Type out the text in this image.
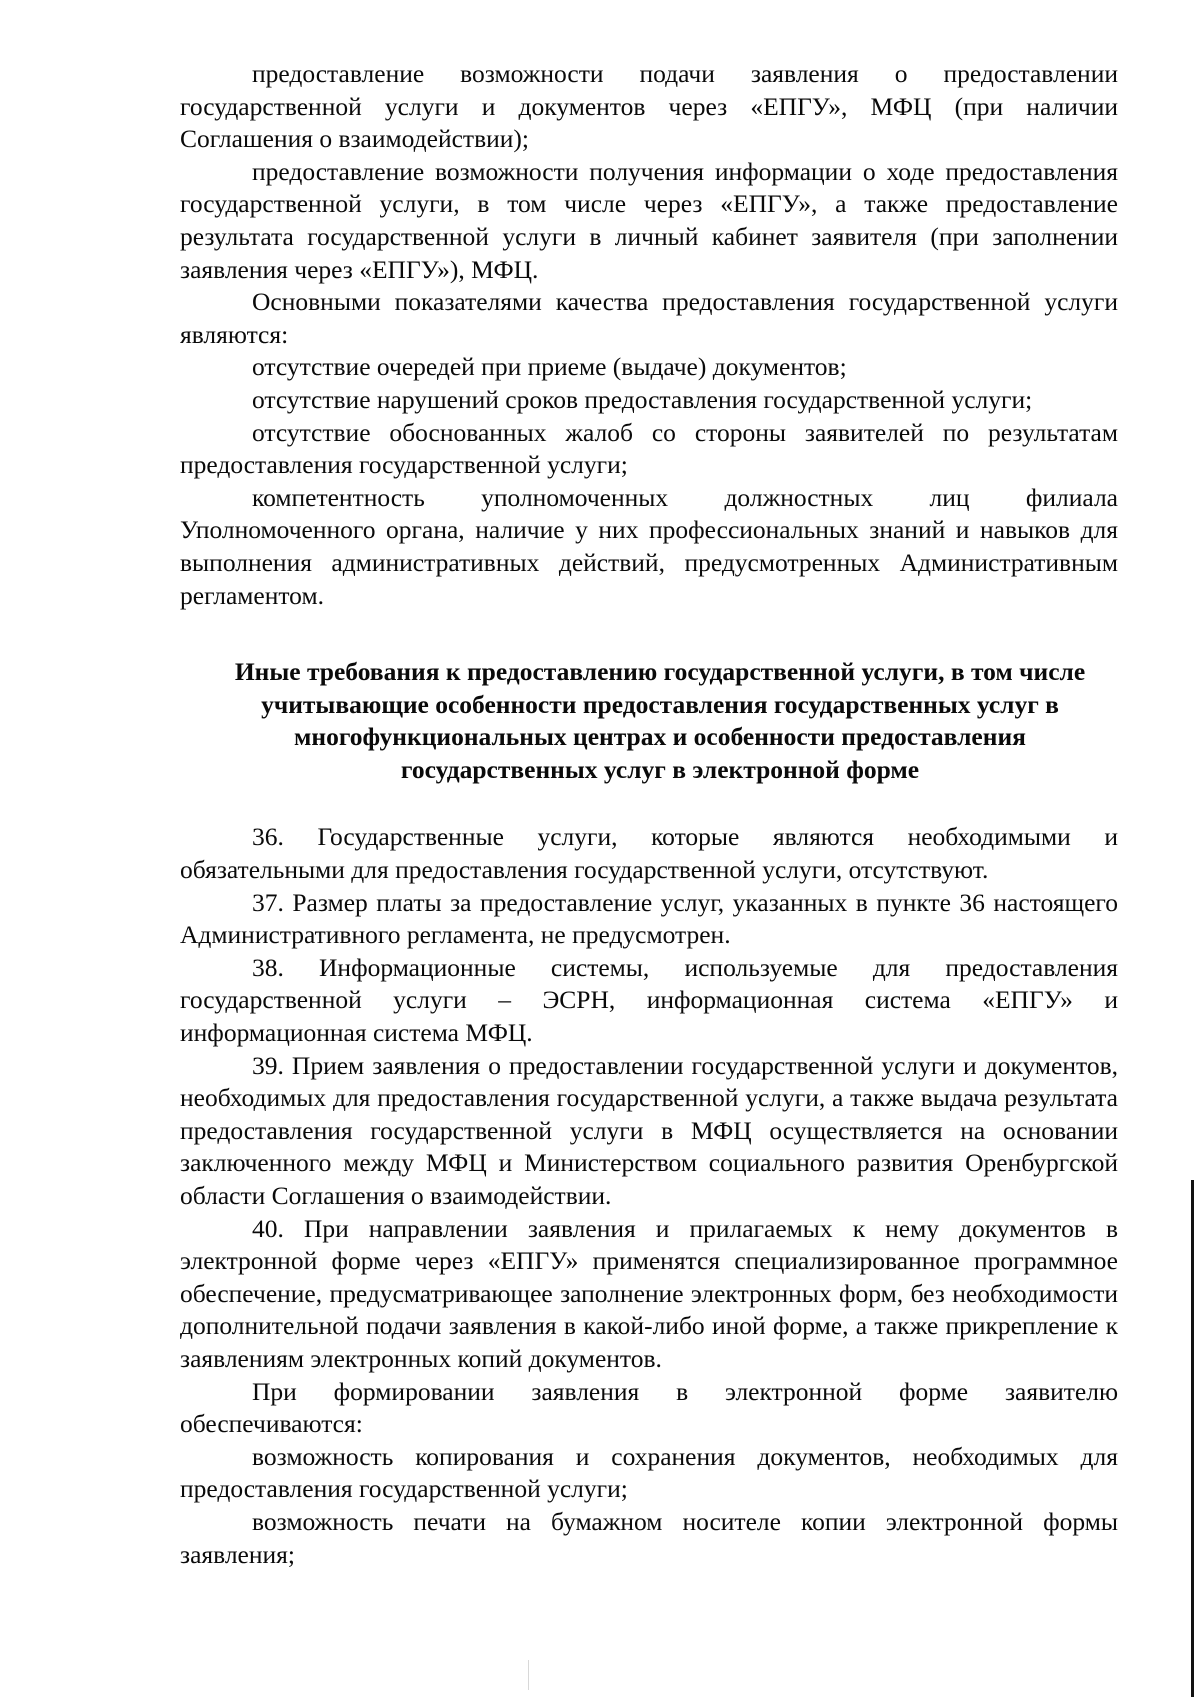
предоставление возможности подачи заявления о предоставлении государственной услуги и документов через «ЕПГУ», МФЦ (при наличии Соглашения о взаимодействии);

предоставление возможности получения информации о ходе предоставления государственной услуги, в том числе через «ЕПГУ», а также предоставление результата государственной услуги в личный кабинет заявителя (при заполнении заявления через «ЕПГУ»), МФЦ.

Основными показателями качества предоставления государственной услуги являются:

отсутствие очередей при приеме (выдаче) документов;

отсутствие нарушений сроков предоставления государственной услуги;

отсутствие обоснованных жалоб со стороны заявителей по результатам предоставления государственной услуги;

компетентность уполномоченных должностных лиц филиала Уполномоченного органа, наличие у них профессиональных знаний и навыков для выполнения административных действий, предусмотренных Административным регламентом.

Иные требования к предоставлению государственной услуги, в том числе учитывающие особенности предоставления государственных услуг в многофункциональных центрах и особенности предоставления государственных услуг в электронной форме

36. Государственные услуги, которые являются необходимыми и обязательными для предоставления государственной услуги, отсутствуют.

37. Размер платы за предоставление услуг, указанных в пункте 36 настоящего Административного регламента, не предусмотрен.

38. Информационные системы, используемые для предоставления государственной услуги – ЭСРН, информационная система «ЕПГУ» и информационная система МФЦ.

39. Прием заявления о предоставлении государственной услуги и документов, необходимых для предоставления государственной услуги, а также выдача результата предоставления государственной услуги в МФЦ осуществляется на основании заключенного между МФЦ и Министерством социального развития Оренбургской области Соглашения о взаимодействии.

40. При направлении заявления и прилагаемых к нему документов в электронной форме через «ЕПГУ» применятся специализированное программное обеспечение, предусматривающее заполнение электронных форм, без необходимости дополнительной подачи заявления в какой-либо иной форме, а также прикрепление к заявлениям электронных копий документов.

При формировании заявления в электронной форме заявителю обеспечиваются:

возможность копирования и сохранения документов, необходимых для предоставления государственной услуги;

возможность печати на бумажном носителе копии электронной формы заявления;
